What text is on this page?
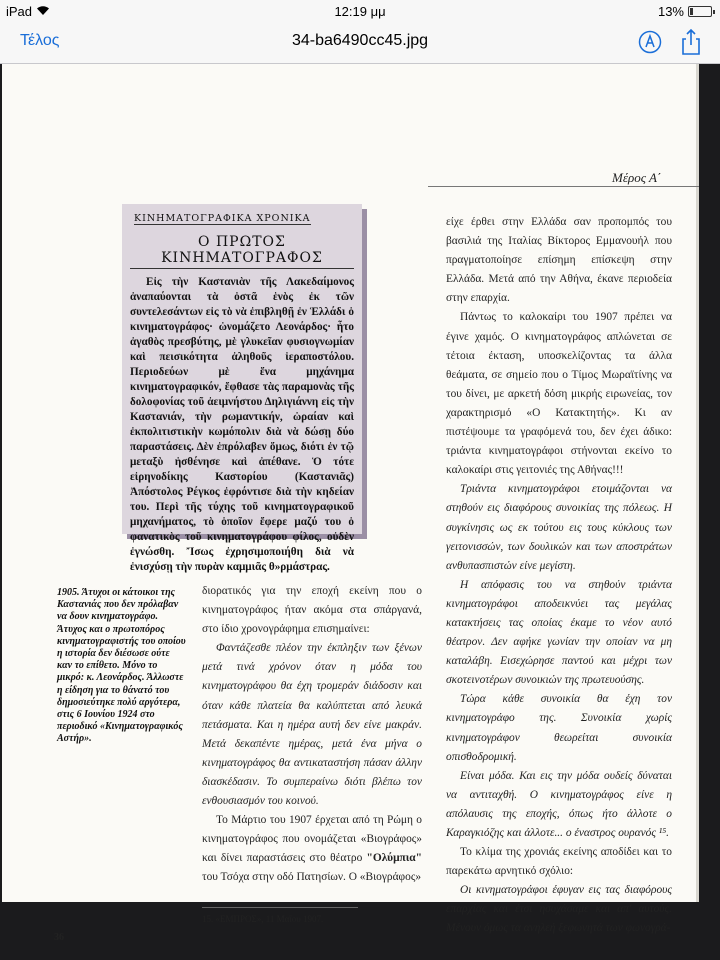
iPad	12:19 μμ	13%
Τέλος	34-ba6490cc45.jpg
Μέρος Α΄
ΚΙΝΗΜΑΤΟΓΡΑΦΙΚΑ ΧΡΟΝΙΚΑ
Ο ΠΡΩΤΟΣ ΚΙΝΗΜΑΤΟΓΡΑΦΟΣ

Εἰς τὴν Καστανιὰν τῆς Λακεδαίμονος ἀναπαύονται τὰ ὀστᾶ ἑνὸς ἐκ τῶν συντελεσάντων εἰς τὸ νὰ ἐπιβληθῇ ἐν Ἑλλάδι ὁ κινηματογράφος· ὠνομάζετο Λεονάρδος· ἦτο ἀγαθὸς πρεσβύτης, μὲ γλυκεῖαν φυσιογνωμίαν καὶ πεισικότητα ἀληθοῦς ἱεραποστόλου. Περιοδεύων μὲ ἕνα μηχάνημα κινηματογραφικόν, ἔφθασε τὰς παραμονὰς τῆς δολοφονίας τοῦ ἀειμνήστου Δηλιγιάννη εἰς τὴν Καστανιάν, τὴν ρωμαντικήν, ὡραίαν καὶ ἐκπολιτιστικὴν κωμόπολιν διὰ νὰ δώσῃ δύο παραστάσεις. Δὲν ἐπρόλαβεν ὅμως, διότι ἐν τῷ μεταξὺ ἠσθένησε καὶ ἀπέθανε. Ὁ τότε εἰρηνοδίκης Καστορίου (Καστανιᾶς) Ἀπόστολος Ρέγκος ἐφρόντισε διὰ τὴν κηδείαν του. Περὶ τῆς τύχης τοῦ κινηματογραφικοῦ μηχανήματος, τὸ ὁποῖον ἔφερε μαζύ του ὁ φανατικὸς τοῦ κινηματογράφου φίλος, οὐδὲν ἐγνώσθη. Ἴσως ἐχρησιμοποιήθη διὰ νὰ ἐνισχύσῃ τὴν πυρὰν καμμιᾶς θ»ρμάστρας.

1905. Άτυχοι οι κάτοικοι της Καστανιάς που δεν πρόλαβαν να δουν κινηματογράφο. Άτυχος και ο πρωτοπόρος κινηματογραφιστής του οποίου η ιστορία δεν διέσωσε ούτε καν το επίθετο. Μόνο το μικρό: κ. Λεονάρδος. Άλλωστε η είδηση για το θάνατό του δημοσιεύτηκε πολύ αργότερα, στις 6 Ιουνίου 1924 στο περιοδικό «Κινηματογραφικός Αστήρ».

διορατικός για την εποχή εκείνη που ο κινηματογράφος ήταν ακόμα στα σπάργανά, στο ίδιο χρονογράφημα επισημαίνει:

Φαντάζεσθε πλέον την έκπληξιν των ξένων μετά τινά χρόνον όταν η μόδα του κινηματογράφου θα έχη τρομεράν διάδοσιν και όταν κάθε πλατεία θα καλύπτεται από λευκά πετάσματα. Και η ημέρα αυτή δεν είνε μακράν. Μετά δεκαπέντε ημέρας, μετά ένα μήνα ο κινηματογράφος θα αντικαταστήση πάσαν άλλην διασκέδασιν. Το συμπεραίνω διότι βλέπω τον ενθουσιασμόν του κοινού.

Το Μάρτιο του 1907 έρχεται από τη Ρώμη ο κινηματογράφος που ονομάζεται «Βιογράφος» και δίνει παραστάσεις στο θέατρο "Ολύμπια" του Τσόχα στην οδό Πατησίων. Ο «Βιογράφος»

είχε έρθει στην Ελλάδα σαν προπομπός του βασιλιά της Ιταλίας Βίκτορος Εμμανουήλ που πραγματοποίησε επίσημη επίσκεψη στην Ελλάδα. Μετά από την Αθήνα, έκανε περιοδεία στην επαρχία.

Πάντως το καλοκαίρι του 1907 πρέπει να έγινε χαμός. Ο κινηματογράφος απλώνεται σε τέτοια έκταση, υποσκελίζοντας τα άλλα θεάματα, σε σημείο που ο Τίμος Μωραϊτίνης να του δίνει, με αρκετή δόση μικρής ειρωνείας, τον χαρακτηρισμό «Ο Κατακτητής». Κι αν πιστέψουμε τα γραφόμενά του, δεν έχει άδικο: τριάντα κινηματογράφοι στήνονται εκείνο το καλοκαίρι στις γειτονιές της Αθήνας!!!

Τριάντα κινηματογράφοι ετοιμάζονται να στηθούν εις διαφόρους συνοικίας της πόλεως. Η συγκίνησις ως εκ τούτου εις τους κύκλους των γειτονισσών, των δουλικών και των αποστράτων ανθυπασπιστών είνε μεγίστη.

Η απόφασις του να στηθούν τριάντα κινηματογράφοι αποδεικνύει τας μεγάλας κατακτήσεις τας οποίας έκαμε το νέον αυτό θέατρον. Δεν αφήκε γωνίαν την οποίαν να μη καταλάβη. Εισεχώρησε παντού και μέχρι των σκοτεινοτέρων συνοικιών της πρωτευούσης.

Τώρα κάθε συνοικία θα έχη τον κινηματογράφο της. Συνοικία χωρίς κινηματογράφον θεωρείται συνοικία οπισθοδρομική.

Είναι μόδα. Και εις την μόδα ουδείς δύναται να αντιταχθή. Ο κινηματογράφος είνε η απόλαυσις της εποχής, όπως ήτο άλλοτε ο Καραγκιόζης και άλλοτε... ο έναστρος ουρανός ¹⁵.

Το κλίμα της χρονιάς εκείνης αποδίδει και το παρεκάτω αρνητικό σχόλιο:

Οι κινηματογράφοι έφυγαν εις τας διαφόρους επαρχίας και έτσι ησυχάσαμε και απ' αυτούς. Μένουν όμως τα ανηλεή ξεφωνητά των φωνογρά-

15. «ΕΜΠΡΟΣ», 11 Μαΐου 1907.
36
